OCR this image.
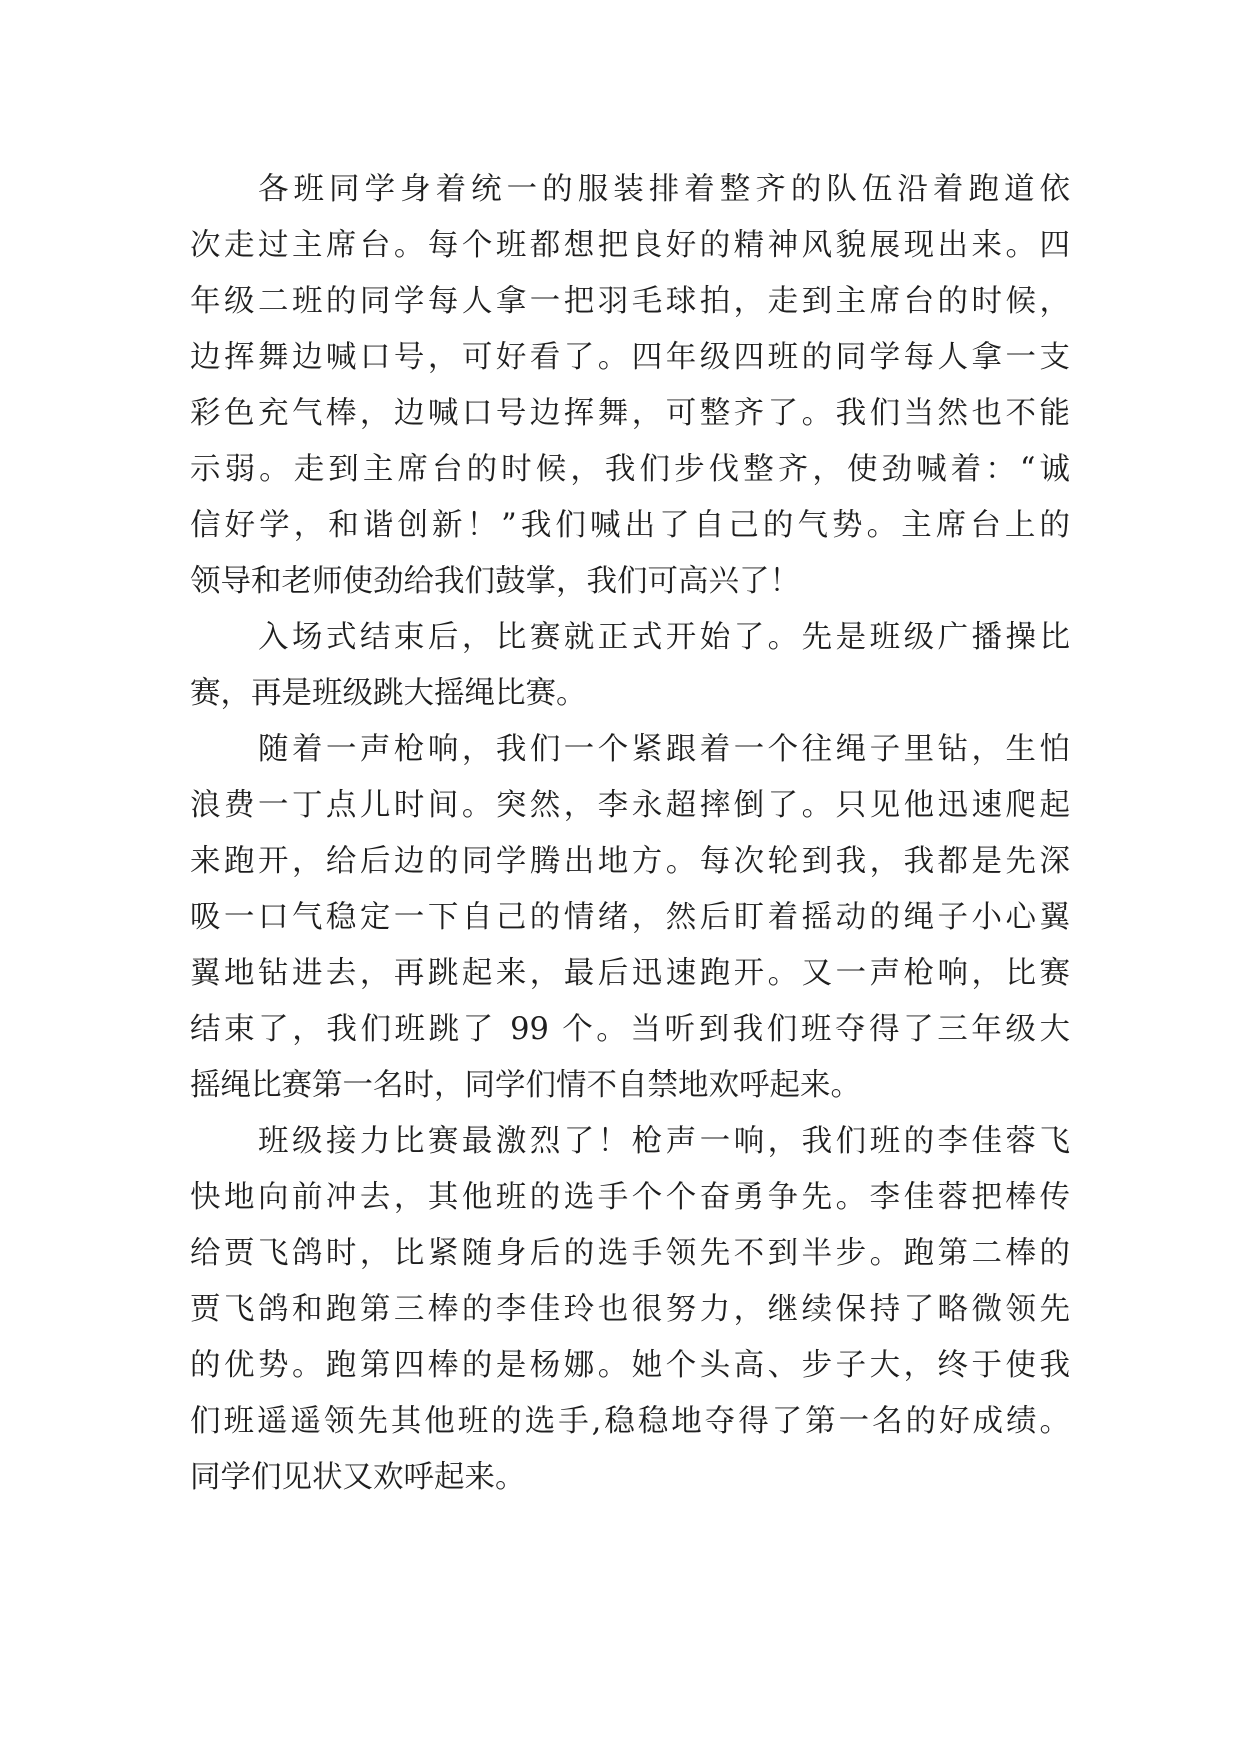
各班同学身着统一的服装排着整齐的队伍沿着跑道依
次走过主席台。每个班都想把良好的精神风貌展现出来。四
年级二班的同学每人拿一把羽毛球拍，走到主席台的时候，
边挥舞边喊口号，可好看了。四年级四班的同学每人拿一支
彩色充气棒，边喊口号边挥舞，可整齐了。我们当然也不能
示弱。走到主席台的时候，我们步伐整齐，使劲喊着：“诚
信好学，和谐创新！”我们喊出了自己的气势。主席台上的
领导和老师使劲给我们鼓掌，我们可高兴了！
入场式结束后，比赛就正式开始了。先是班级广播操比
赛，再是班级跳大摇绳比赛。
随着一声枪响，我们一个紧跟着一个往绳子里钻，生怕
浪费一丁点儿时间。突然，李永超摔倒了。只见他迅速爬起
来跑开，给后边的同学腾出地方。每次轮到我，我都是先深
吸一口气稳定一下自己的情绪，然后盯着摇动的绳子小心翼
翼地钻进去，再跳起来，最后迅速跑开。又一声枪响，比赛
结束了，我们班跳了 99 个。当听到我们班夺得了三年级大
摇绳比赛第一名时，同学们情不自禁地欢呼起来。
班级接力比赛最激烈了！枪声一响，我们班的李佳蓉飞
快地向前冲去，其他班的选手个个奋勇争先。李佳蓉把棒传
给贾飞鸽时，比紧随身后的选手领先不到半步。跑第二棒的
贾飞鸽和跑第三棒的李佳玲也很努力，继续保持了略微领先
的优势。跑第四棒的是杨娜。她个头高、步子大，终于使我
们班遥遥领先其他班的选手,稳稳地夺得了第一名的好成绩。
同学们见状又欢呼起来。
